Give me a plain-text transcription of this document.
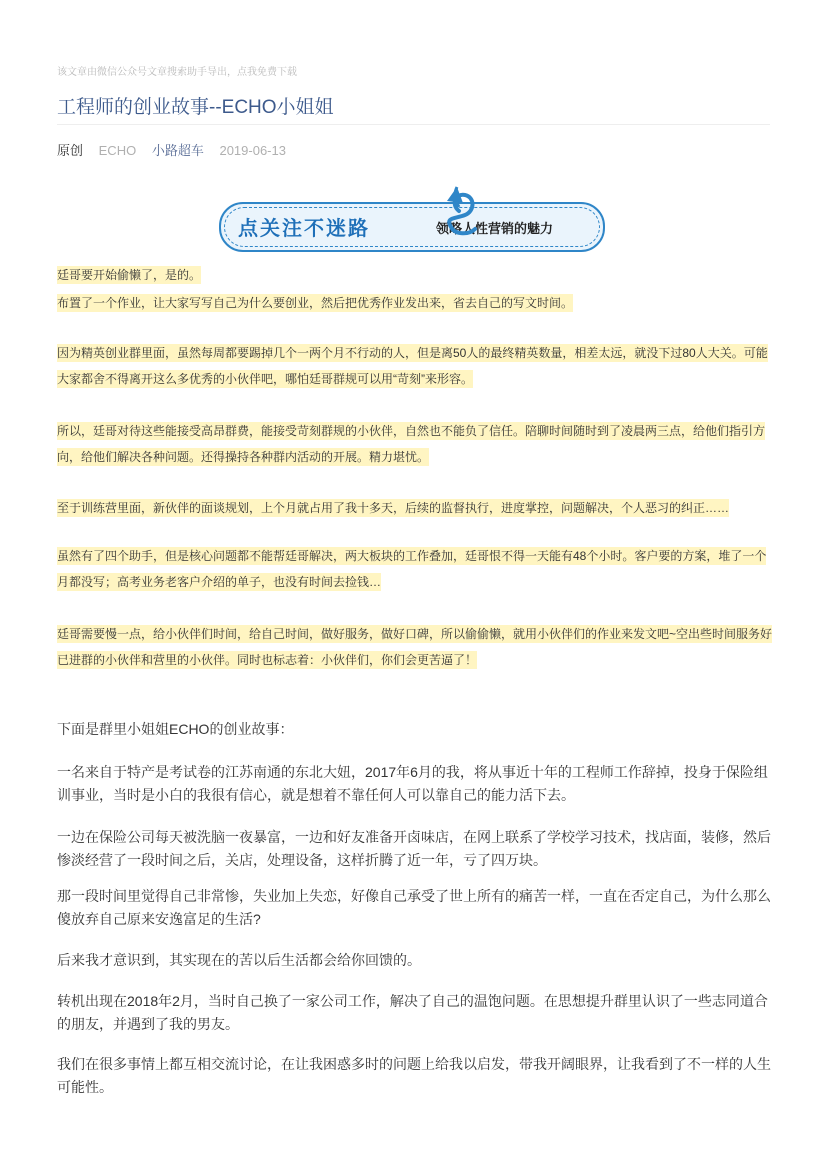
该文章由微信公众号文章搜索助手导出，点我免费下载
工程师的创业故事--ECHO小姐姐
原创 ECHO 小路超车 2019-06-13
点关注不迷路	领略人性营销的魅力

廷哥要开始偷懒了，是的。

布置了一个作业，让大家写写自己为什么要创业，然后把优秀作业发出来，省去自己的写文时间。

因为精英创业群里面，虽然每周都要踢掉几个一两个月不行动的人，但是离50人的最终精英数量，相差太远，就没下过80人大关。可能大家都舍不得离开这么多优秀的小伙伴吧，哪怕廷哥群规可以用“苛刻”来形容。

所以，廷哥对待这些能接受高昂群费，能接受苛刻群规的小伙伴，自然也不能负了信任。陪聊时间随时到了凌晨两三点，给他们指引方向，给他们解决各种问题。还得操持各种群内活动的开展。精力堪忧。

至于训练营里面，新伙伴的面谈规划，上个月就占用了我十多天，后续的监督执行，进度掌控，问题解决，个人恶习的纠正……

虽然有了四个助手，但是核心问题都不能帮廷哥解决，两大板块的工作叠加，廷哥恨不得一天能有48个小时。客户要的方案，堆了一个月都没写；高考业务老客户介绍的单子，也没有时间去捡钱…

廷哥需要慢一点，给小伙伴们时间，给自己时间，做好服务，做好口碑，所以偷偷懒，就用小伙伴们的作业来发文吧~空出些时间服务好已进群的小伙伴和营里的小伙伴。同时也标志着：小伙伴们，你们会更苦逼了！

下面是群里小姐姐ECHO的创业故事：

一名来自于特产是考试卷的江苏南通的东北大妞，2017年6月的我，将从事近十年的工程师工作辞掉，投身于保险组训事业，当时是小白的我很有信心，就是想着不靠任何人可以靠自己的能力活下去。

一边在保险公司每天被洗脑一夜暴富，一边和好友准备开卤味店，在网上联系了学校学习技术，找店面，装修，然后惨淡经营了一段时间之后，关店，处理设备，这样折腾了近一年，亏了四万块。

那一段时间里觉得自己非常惨，失业加上失恋，好像自己承受了世上所有的痛苦一样，一直在否定自己，为什么那么傻放弃自己原来安逸富足的生活?

后来我才意识到，其实现在的苦以后生活都会给你回馈的。

转机出现在2018年2月，当时自己换了一家公司工作，解决了自己的温饱问题。在思想提升群里认识了一些志同道合的朋友，并遇到了我的男友。

我们在很多事情上都互相交流讨论，在让我困惑多时的问题上给我以启发，带我开阔眼界，让我看到了不一样的人生可能性。
